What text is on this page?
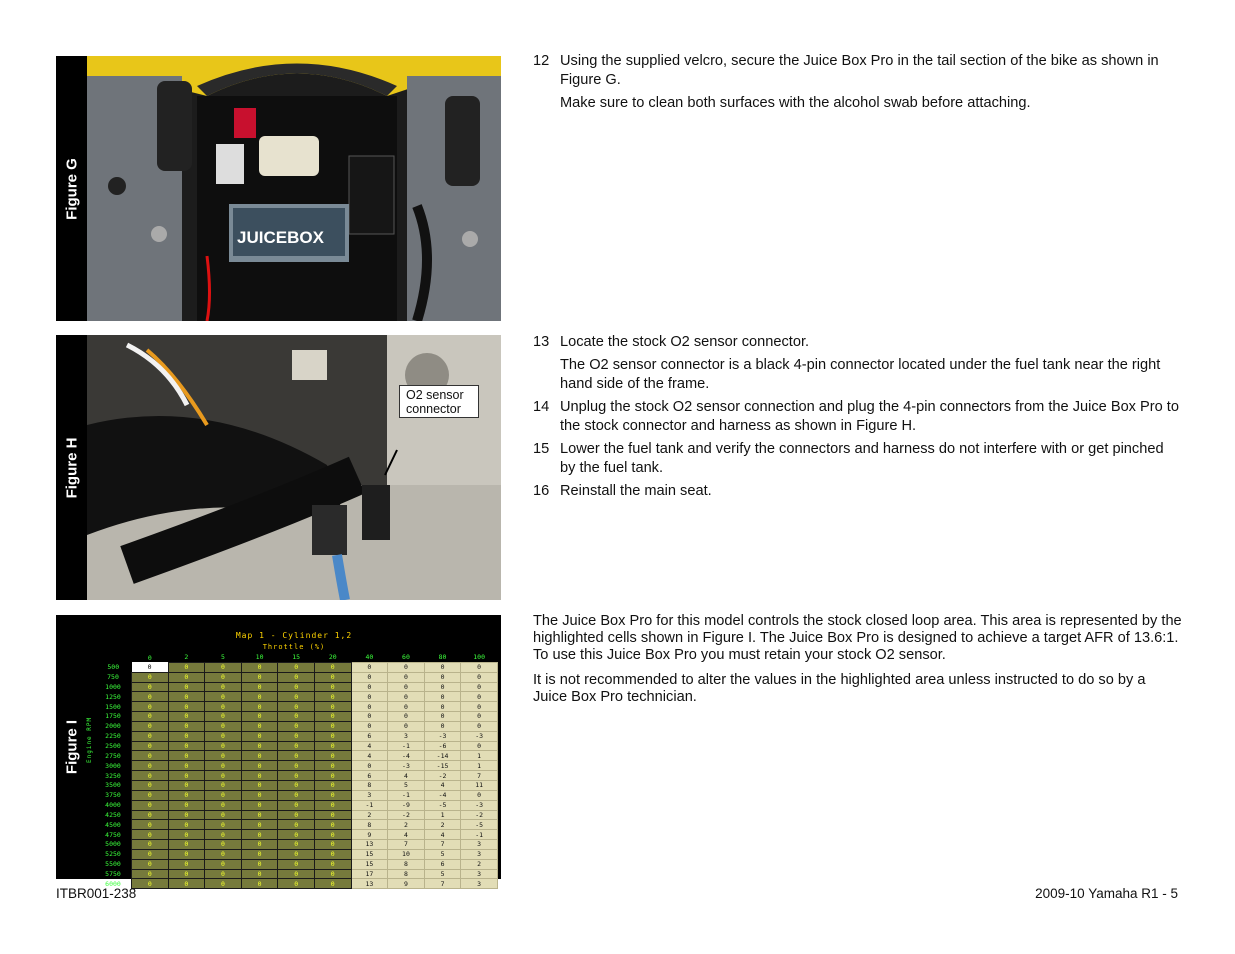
Figure G
JUICEBOX
Figure H
O2 sensor connector
Figure I
Map 1 - Cylinder 1,2
Throttle (%)
Engine RPM
	0	2	5	10	15	20	40	60	80	100
500	0	0	0	0	0	0	0	0	0	0
750	0	0	0	0	0	0	0	0	0	0
1000	0	0	0	0	0	0	0	0	0	0
1250	0	0	0	0	0	0	0	0	0	0
1500	0	0	0	0	0	0	0	0	0	0
1750	0	0	0	0	0	0	0	0	0	0
2000	0	0	0	0	0	0	0	0	0	0
2250	0	0	0	0	0	0	6	3	-3	-3
2500	0	0	0	0	0	0	4	-1	-6	0
2750	0	0	0	0	0	0	4	-4	-14	1
3000	0	0	0	0	0	0	0	-3	-15	1
3250	0	0	0	0	0	0	6	4	-2	7
3500	0	0	0	0	0	0	8	5	4	11
3750	0	0	0	0	0	0	3	-1	-4	0
4000	0	0	0	0	0	0	-1	-9	-5	-3
4250	0	0	0	0	0	0	2	-2	1	-2
4500	0	0	0	0	0	0	8	2	2	-5
4750	0	0	0	0	0	0	9	4	4	-1
5000	0	0	0	0	0	0	13	7	7	3
5250	0	0	0	0	0	0	15	10	5	3
5500	0	0	0	0	0	0	15	8	6	2
5750	0	0	0	0	0	0	17	8	5	3
6000	0	0	0	0	0	0	13	9	7	3
12 Using the supplied velcro, secure the Juice Box Pro in the tail section of the bike as shown in Figure G.
Make sure to clean both surfaces with the alcohol swab before attaching.
13 Locate the stock O2 sensor connector.
The O2 sensor connector is a black 4-pin connector located under the fuel tank near the right hand side of the frame.
14 Unplug the stock O2 sensor connection and plug the 4-pin connectors from the Juice Box Pro to the stock connector and harness as shown in Figure H.
15 Lower the fuel tank and verify the connectors and harness do not interfere with or get pinched by the fuel tank.
16 Reinstall the main seat.

The Juice Box Pro for this model controls the stock closed loop area. This area is represented by the highlighted cells shown in Figure I. The Juice Box Pro is designed to achieve a target AFR of 13.6:1. To use this Juice Box Pro you must retain your stock O2 sensor.

It is not recommended to alter the values in the highlighted area unless instructed to do so by a Juice Box Pro technician.

ITBR001-238	2009-10 Yamaha R1 - 5
